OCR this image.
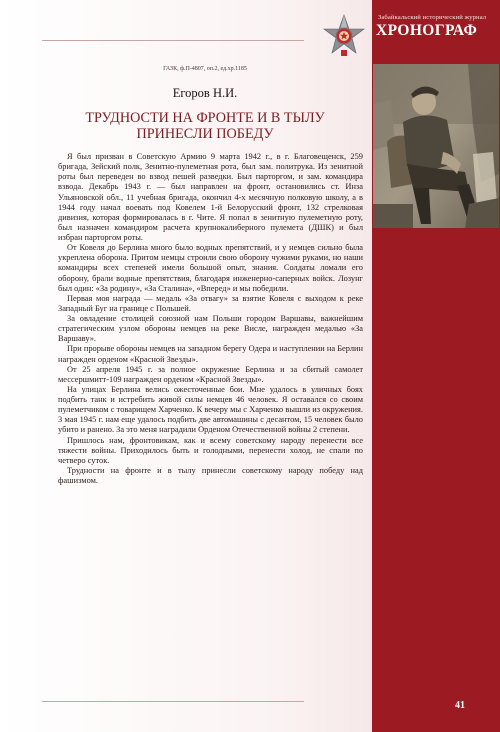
Забайкальский исторический журнал
ХРОНОГРАФ
ГАЗК, ф.П-4807, оп.2, ед.хр.1185
Егоров Н.И.
ТРУДНОСТИ НА ФРОНТЕ И В ТЫЛУ
ПРИНЕСЛИ ПОБЕДУ

Я был призван в Советскую Армию 9 марта 1942 г., в г. Благовещенск, 259 бригада, Зейский полк, Зенитно-пулеметная рота, был зам. политрука. Из зенитной роты был переведен во взвод пешей разведки. Был парторгом, и зам. командира взвода. Декабрь 1943 г. — был направлен на фронт, остановились ст. Инза Ульяновской обл., 11 учебная бригада, окончил 4-х месячную полковую школу, а в 1944 году начал воевать под Ковелем 1-й Белорусский фронт, 132 стрелковая дивизия, которая формировалась в г. Чите. Я попал в зенитную пулеметную роту, был назначен командиром расчета крупнокалиберного пулемета (ДШК) и был избран парторгом роты.

От Ковеля до Берлина много было водных препятствий, и у немцев сильно была укреплена оборона. Притом немцы строили свою оборону чужими руками, но наши командиры всех степеней имели большой опыт, знания. Солдаты ломали его оборону, брали водные препятствия, благодаря инженерно-саперных войск. Лозунг был один: «За родину», «За Сталина», «Вперед» и мы победили.

Первая моя награда — медаль «За отвагу» за взятие Ковеля с выходом к реке Западный Буг на границе с Польшей.

За овладение столицей союзной нам Польши городом Варшавы, важнейшим стратегическим узлом обороны немцев на реке Висле, награжден медалью «За Варшаву».

При прорыве обороны немцев на западном берегу Одера и наступлении на Берлин награжден орденом «Красной Звезды».

От 25 апреля 1945 г. за полное окружение Берлина и за сбитый самолет мессершмитт-109 награжден орденом «Красной Звезды».

На улицах Берлина велись ожесточенные бои. Мне удалось в уличных боях подбить танк и истребить живой силы немцев 46 человек. Я оставался со своим пулеметчиком с товарищем Харченко. К вечеру мы с Харченко вышли из окружения. 3 мая 1945 г. нам еще удалось подбить две автомашины с десантом, 15 человек было убито и ранено. За это меня наградили Орденом Отечественной войны 2 степени.

Пришлось нам, фронтовикам, как и всему советскому народу перенести все тяжести войны. Приходилось быть и голодными, перенести холод, не спали по четверо суток.

Трудности на фронте и в тылу принесли советскому народу победу над фашизмом.

41
